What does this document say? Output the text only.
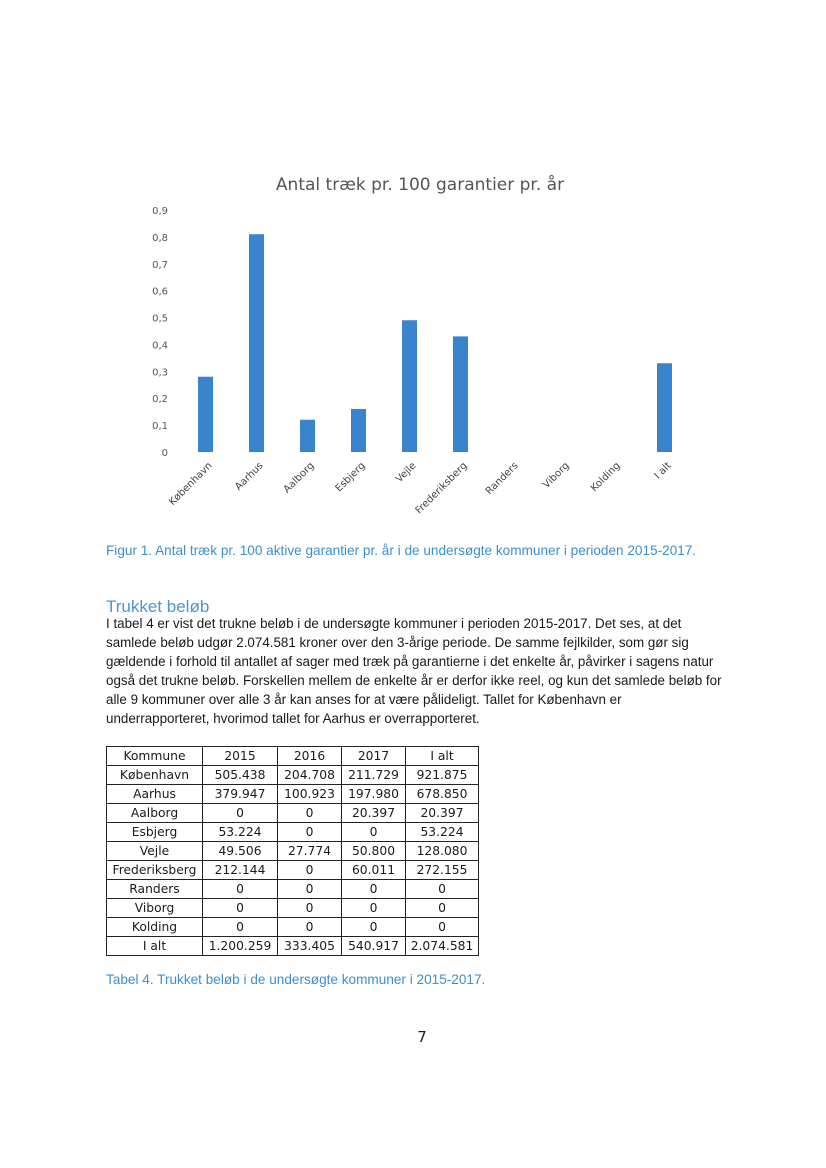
Antal træk pr. 100 garantier pr. år
0
0,1
0,2
0,3
0,4
0,5
0,6
0,7
0,8
0,9
København Aarhus Aalborg Esbjerg	Vejle
Frederiksberg Randers Viborg Kolding	I alt
Figur 1. Antal træk pr. 100 aktive garantier pr. år i de undersøgte kommuner i perioden 2015-2017.
Trukket beløb

I tabel 4 er vist det trukne beløb i de undersøgte kommuner i perioden 2015-2017. Det ses, at det samlede beløb udgør 2.074.581 kroner over den 3-årige periode. De samme fejlkilder, som gør sig gældende i forhold til antallet af sager med træk på garantierne i det enkelte år, påvirker i sagens natur også det trukne beløb. Forskellen mellem de enkelte år er derfor ikke reel, og kun det samlede beløb for alle 9 kommuner over alle 3 år kan anses for at være pålideligt. Tallet for København er underrapporteret, hvorimod tallet for Aarhus er overrapporteret.

Kommune	2015	2016	2017	I alt
København	505.438	204.708	211.729	921.875
Aarhus	379.947	100.923	197.980	678.850
Aalborg	0	0	20.397	20.397
Esbjerg	53.224	0	0	53.224
Vejle	49.506	27.774	50.800	128.080
Frederiksberg	212.144	0	60.011	272.155
Randers	0	0	0	0
Viborg	0	0	0	0
Kolding	0	0	0	0
I alt	1.200.259	333.405	540.917	2.074.581
Tabel 4. Trukket beløb i de undersøgte kommuner i 2015-2017.
7
